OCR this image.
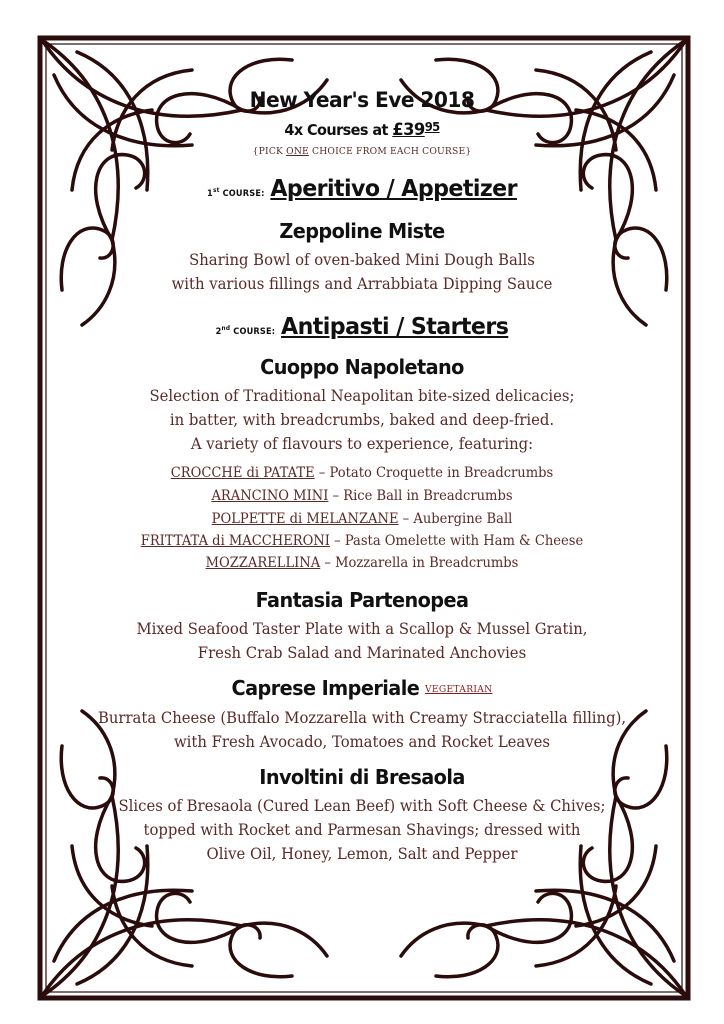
New Year's Eve 2018
4x Courses at $£39^{95}$
{PICK ONE CHOICE FROM EACH COURSE}
1st COURSE: Aperitivo / Appetizer
Zeppoline Miste
Sharing Bowl of oven-baked Mini Dough Balls
with various fillings and Arrabbiata Dipping Sauce
2nd COURSE: Antipasti / Starters
Cuoppo Napoletano
Selection of Traditional Neapolitan bite-sized delicacies;
in batter, with breadcrumbs, baked and deep-fried.
A variety of flavours to experience, featuring:
CROCCHÉ di PATATE – Potato Croquette in Breadcrumbs
ARANCINO MINI – Rice Ball in Breadcrumbs
POLPETTE di MELANZANE – Aubergine Ball
FRITTATA di MACCHERONI – Pasta Omelette with Ham & Cheese
MOZZARELLINA – Mozzarella in Breadcrumbs
Fantasia Partenopea
Mixed Seafood Taster Plate with a Scallop & Mussel Gratin,
Fresh Crab Salad and Marinated Anchovies
Caprese Imperiale VEGETARIAN
Burrata Cheese (Buffalo Mozzarella with Creamy Stracciatella filling),
with Fresh Avocado, Tomatoes and Rocket Leaves
Involtini di Bresaola
Slices of Bresaola (Cured Lean Beef) with Soft Cheese & Chives;
topped with Rocket and Parmesan Shavings; dressed with
Olive Oil, Honey, Lemon, Salt and Pepper
